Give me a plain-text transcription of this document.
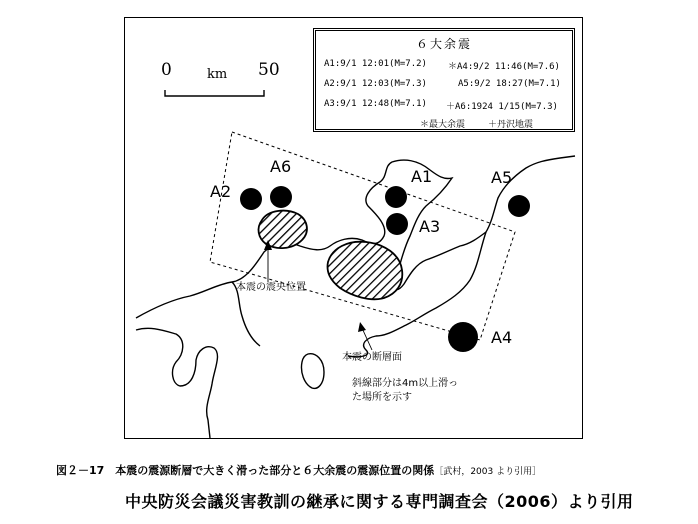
0	km 50
６大余震
A1:9/1 12:01(M=7.2) ＊A4:9/2 11:46(M=7.6)
A2:9/1 12:03(M=7.3)	A5:9/2 18:27(M=7.1)
A3:9/1 12:48(M=7.1) ＋A6:1924 1/15(M=7.3)
＊最大余震	＋丹沢地震
A1
A2
A3
A4
A5
A6
本震の震央位置
本震の断層面
斜線部分は4m以上滑っ
た場所を示す
図２－17　本震の震源断層で大きく滑った部分と６大余震の震源位置の関係［武村，2003 より引用］
中央防災会議災害教訓の継承に関する専門調査会（2006）より引用
